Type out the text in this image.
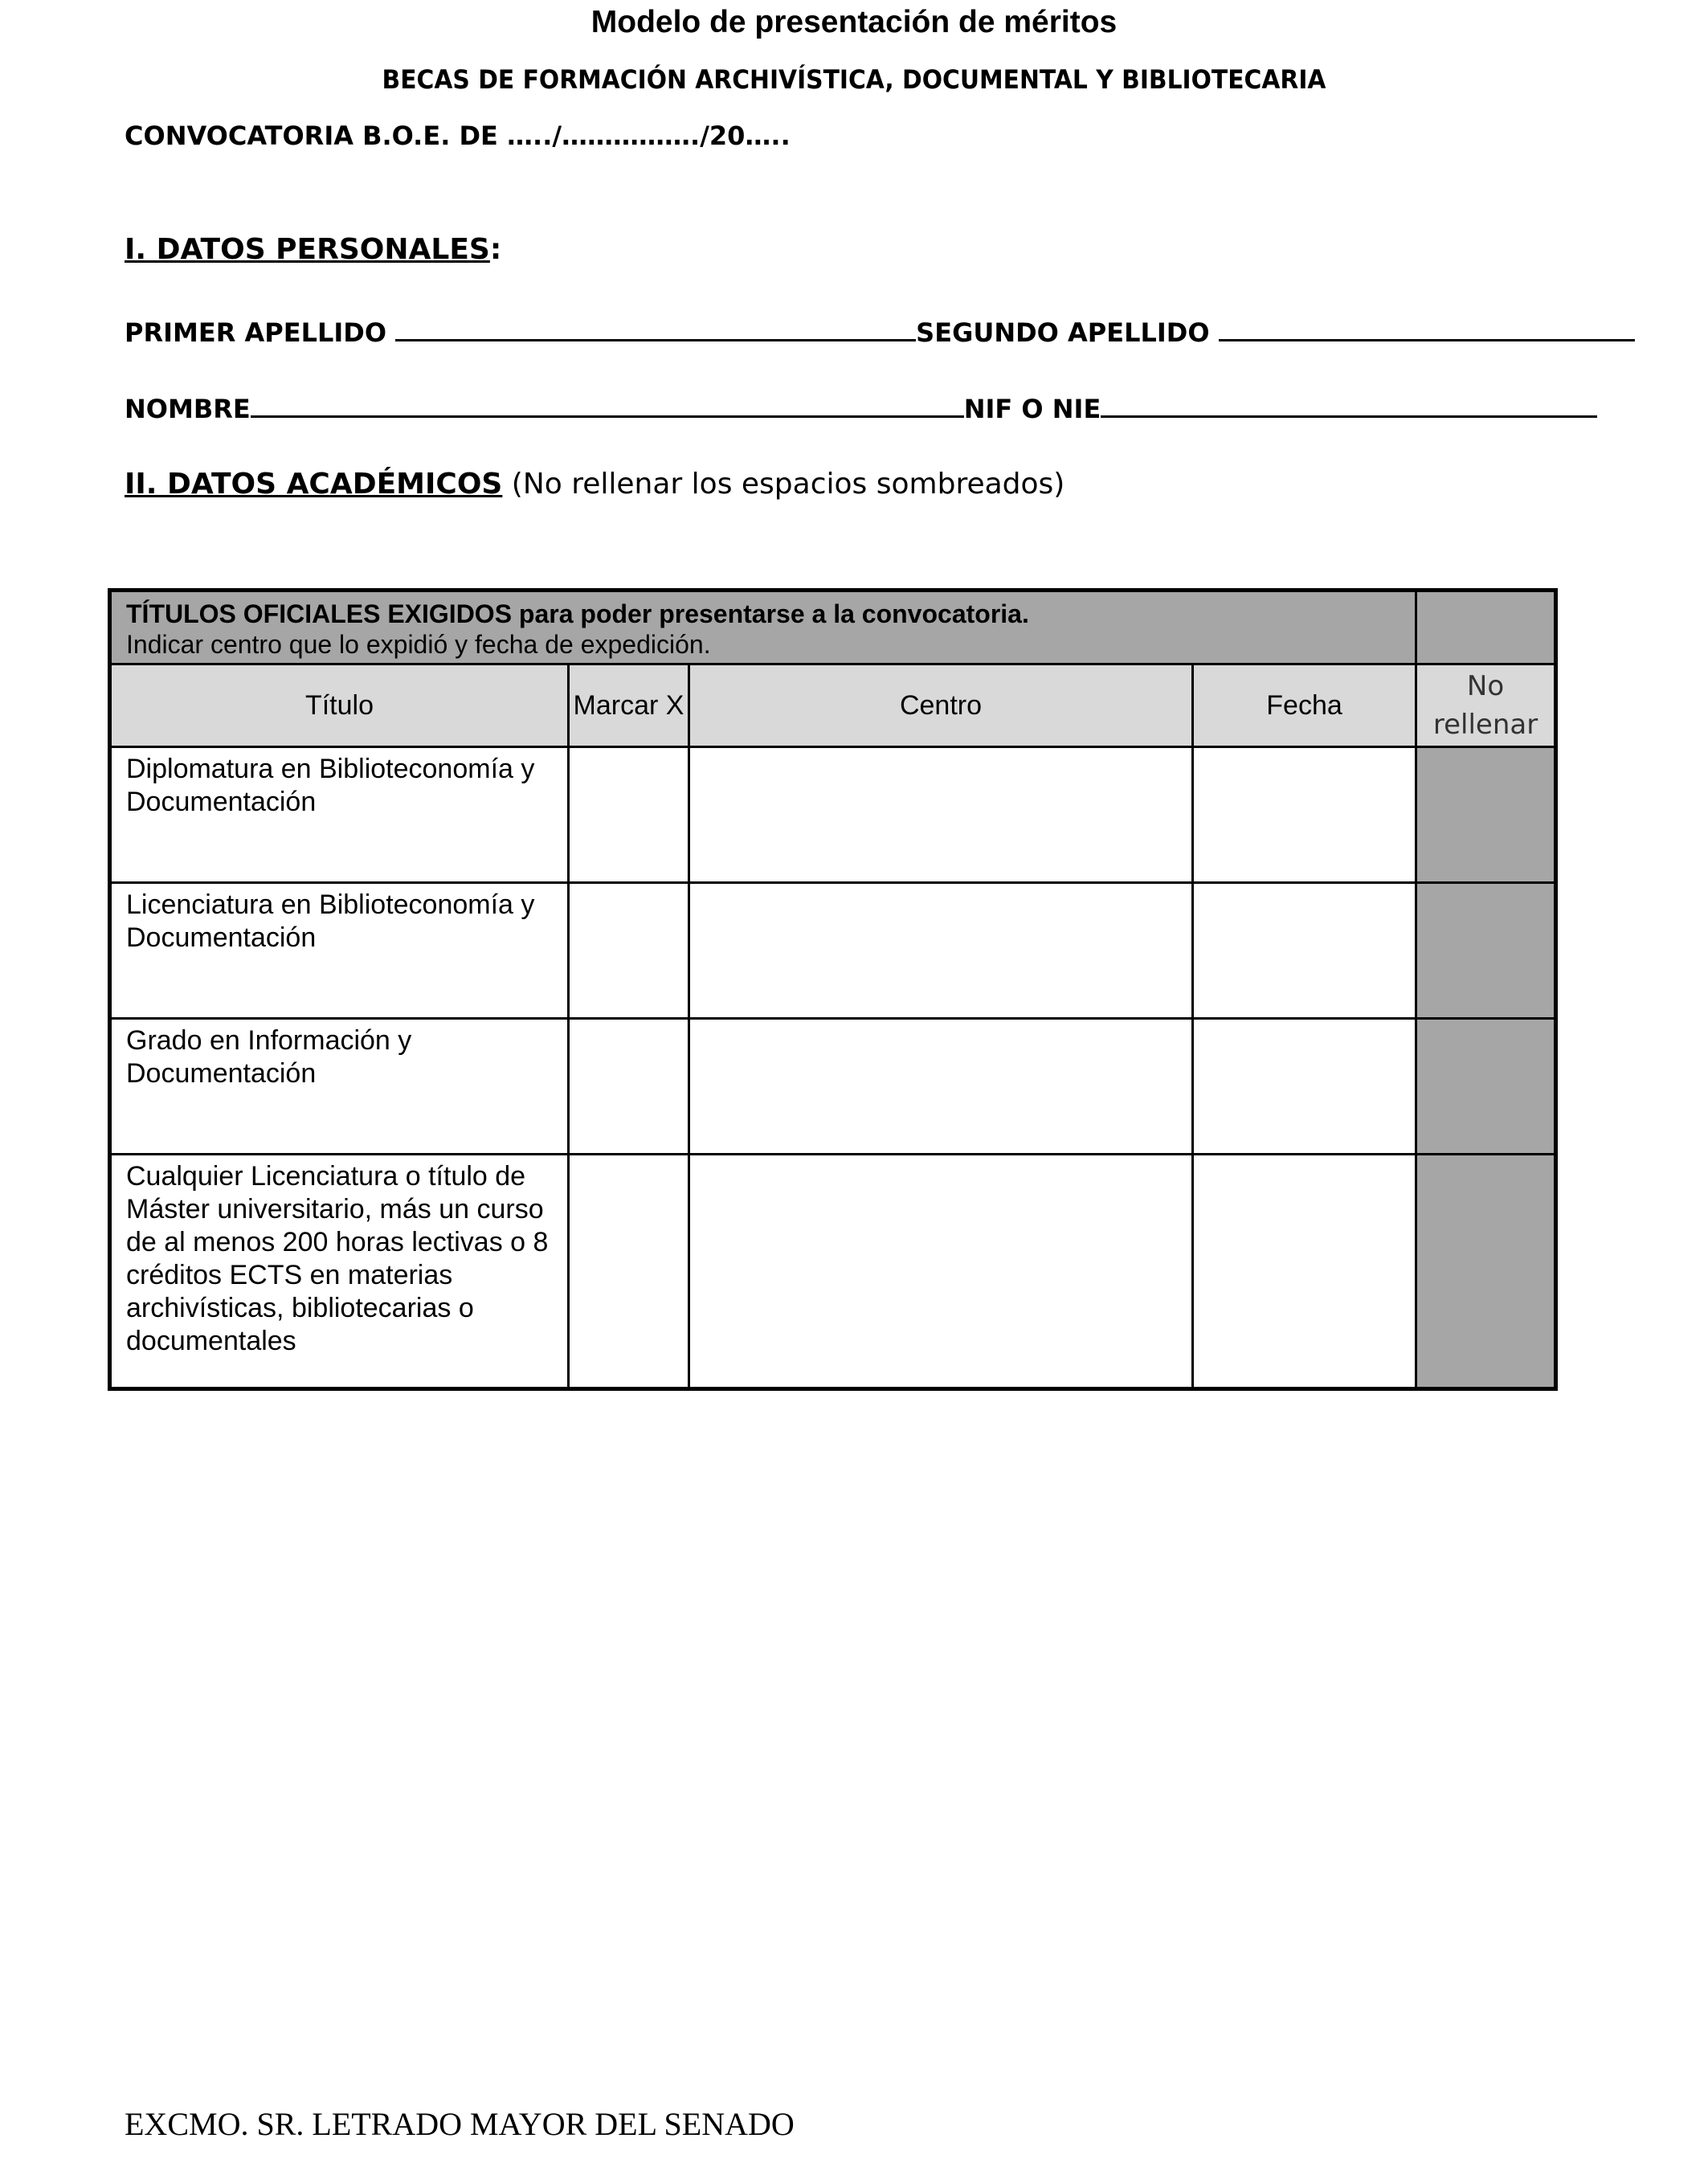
Modelo de presentación de méritos
BECAS DE FORMACIÓN ARCHIVÍSTICA, DOCUMENTAL Y BIBLIOTECARIA
CONVOCATORIA B.O.E. DE …../……………./20…..
I. DATOS PERSONALES:
PRIMER APELLIDO	SEGUNDO APELLIDO
NOMBRE	NIF O NIE
II. DATOS ACADÉMICOS (No rellenar los espacios sombreados)
TÍTULOS OFICIALES EXIGIDOS para poder presentarse a la convocatoria.
Indicar centro que lo expidió y fecha de expedición.				

Título	Marcar X	Centro	Fecha	No rellenar
Diplomatura en Biblioteconomía y Documentación				
Licenciatura en Biblioteconomía y Documentación				
Grado en Información y Documentación				
Cualquier Licenciatura o título de Máster universitario, más un curso de al menos 200 horas lectivas o 8 créditos ECTS en materias archivísticas, bibliotecarias o documentales				
EXCMO. SR. LETRADO MAYOR DEL SENADO
